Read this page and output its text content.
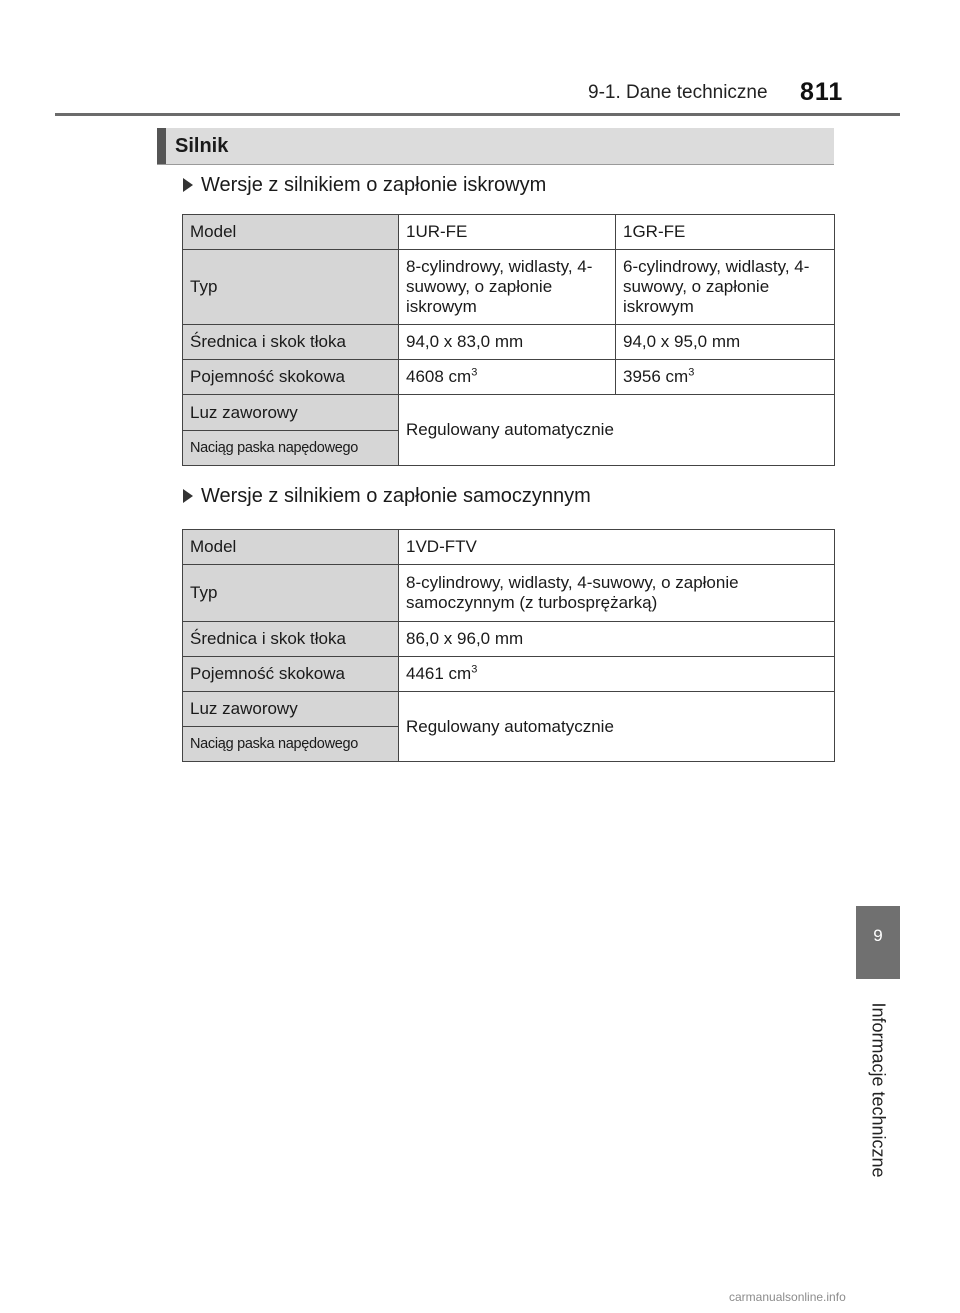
9-1. Dane techniczne 811
Silnik
Wersje z silnikiem o zapłonie iskrowym
Model	1UR-FE	1GR-FE
Typ	8-cylindrowy, widlasty, 4-suwowy, o zapłonie iskrowym	6-cylindrowy, widlasty, 4-suwowy, o zapłonie iskrowym
Średnica i skok tłoka	94,0 x 83,0 mm	94,0 x 95,0 mm
Pojemność skokowa	4608 $cm^3$	3956 $cm^3$
Luz zaworowy	Regulowany automatycznie	
Naciąg paska napędowego		
Wersje z silnikiem o zapłonie samoczynnym
Model	1VD-FTV
Typ	8-cylindrowy, widlasty, 4-suwowy, o zapłonie samoczynnym (z turbosprężarką)
Średnica i skok tłoka	86,0 x 96,0 mm
Pojemność skokowa	4461 $cm^3$
Luz zaworowy	Regulowany automatycznie
Naciąg paska napędowego	
9
Informacje techniczne
carmanualsonline.info
